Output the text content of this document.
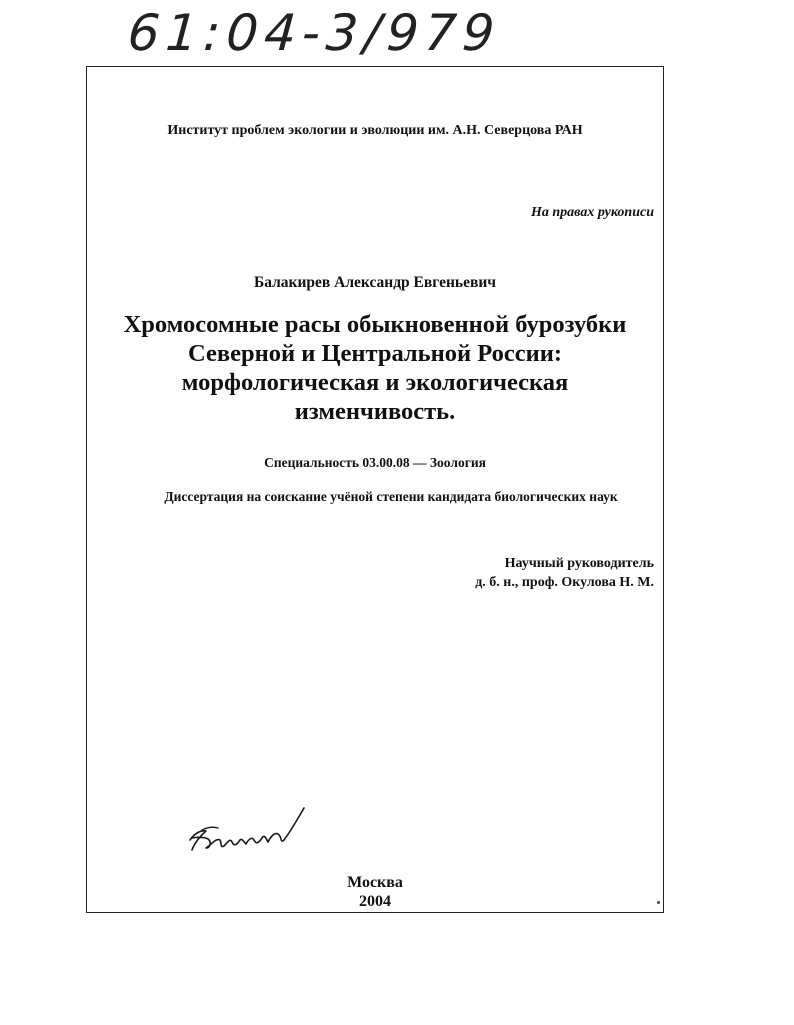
61:04-3/979

Институт проблем экологии и эволюции им. А.Н. Северцова РАН

На правах рукописи

Балакирев Александр Евгеньевич

Хромосомные расы обыкновенной бурозубки
Северной и Центральной России:
морфологическая и экологическая
изменчивость.

Специальность 03.00.08 — Зоология

Диссертация на соискание учёной степени кандидата биологических наук

Научный руководитель
д. б. н., проф. Окулова Н. М.

Москва

2004
